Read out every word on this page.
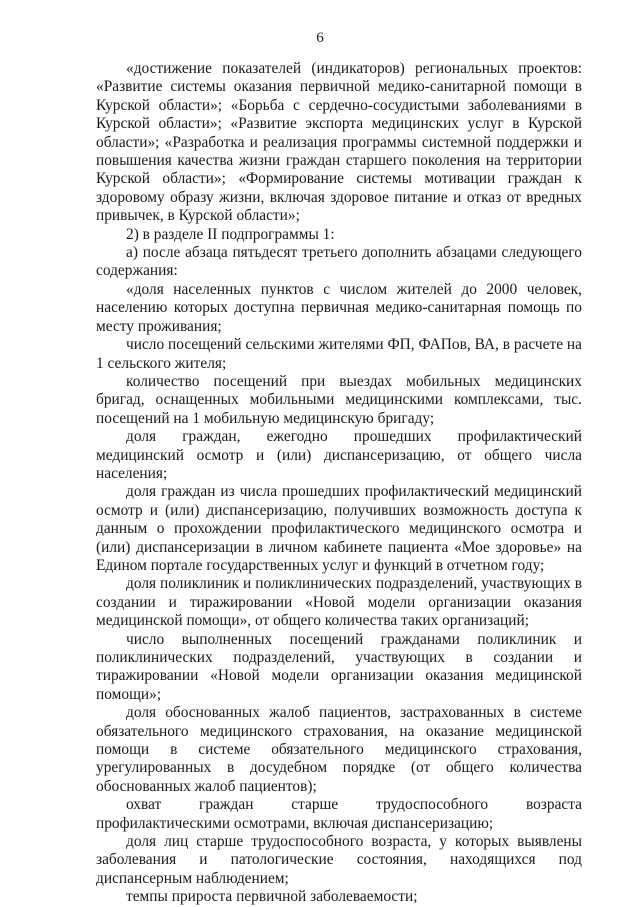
6

«достижение показателей (индикаторов) региональных проектов: «Развитие системы оказания первичной медико-санитарной помощи в Курской области»; «Борьба с сердечно-сосудистыми заболеваниями в Курской области»; «Развитие экспорта медицинских услуг в Курской области»; «Разработка и реализация программы системной поддержки и повышения качества жизни граждан старшего поколения на территории Курской области»; «Формирование системы мотивации граждан к здоровому образу жизни, включая здоровое питание и отказ от вредных привычек, в Курской области»;

2) в разделе II подпрограммы 1:

а) после абзаца пятьдесят третьего дополнить абзацами следующего содержания:

«доля населенных пунктов с числом жителей до 2000 человек, населению которых доступна первичная медико-санитарная помощь по месту проживания;

число посещений сельскими жителями ФП, ФАПов, ВА, в расчете на 1 сельского жителя;

количество посещений при выездах мобильных медицинских бригад, оснащенных мобильными медицинскими комплексами, тыс. посещений на 1 мобильную медицинскую бригаду;

доля граждан, ежегодно прошедших профилактический медицинский осмотр и (или) диспансеризацию, от общего числа населения;

доля граждан из числа прошедших профилактический медицинский осмотр и (или) диспансеризацию, получивших возможность доступа к данным о прохождении профилактического медицинского осмотра и (или) диспансеризации в личном кабинете пациента «Мое здоровье» на Едином портале государственных услуг и функций в отчетном году;

доля поликлиник и поликлинических подразделений, участвующих в создании и тиражировании «Новой модели организации оказания медицинской помощи», от общего количества таких организаций;

число выполненных посещений гражданами поликлиник и поликлинических подразделений, участвующих в создании и тиражировании «Новой модели организации оказания медицинской помощи»;

доля обоснованных жалоб пациентов, застрахованных в системе обязательного медицинского страхования, на оказание медицинской помощи в системе обязательного медицинского страхования, урегулированных в досудебном порядке (от общего количества обоснованных жалоб пациентов);

охват граждан старше трудоспособного возраста профилактическими осмотрами, включая диспансеризацию;

доля лиц старше трудоспособного возраста, у которых выявлены заболевания и патологические состояния, находящихся под диспансерным наблюдением;

темпы прироста первичной заболеваемости;
